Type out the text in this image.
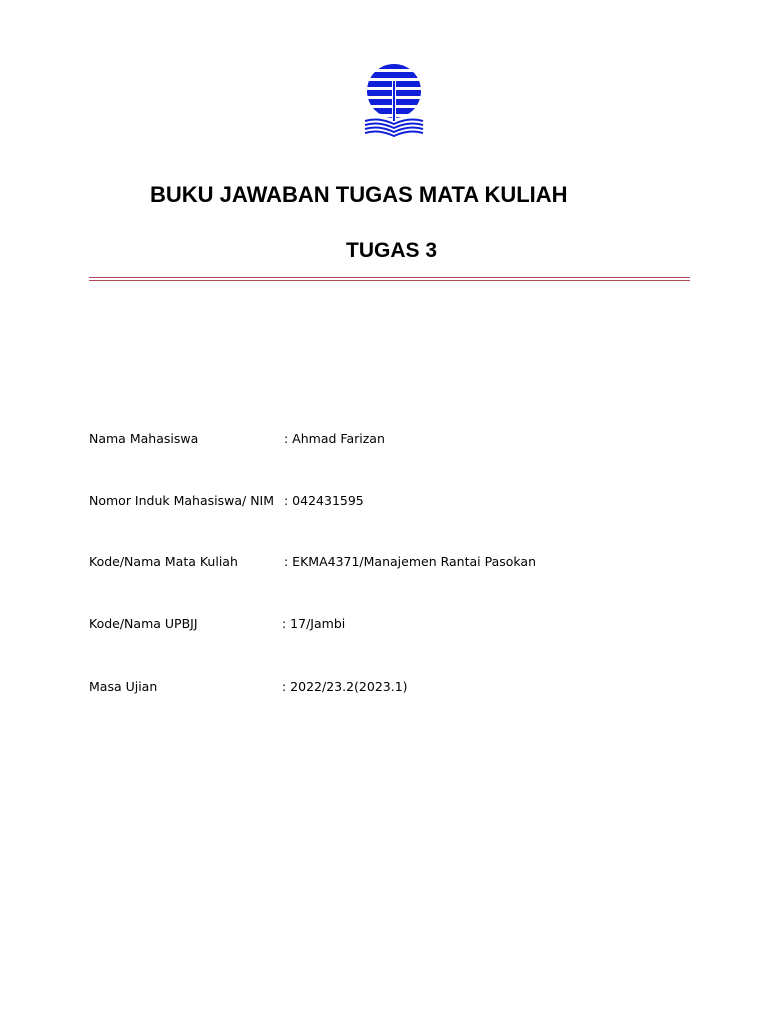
BUKU JAWABAN TUGAS MATA KULIAH
TUGAS 3
Nama Mahasiswa	: Ahmad Farizan
Nomor Induk Mahasiswa/ NIM : 042431595
Kode/Nama Mata Kuliah	: EKMA4371/Manajemen Rantai Pasokan
Kode/Nama UPBJJ	: 17/Jambi
Masa Ujian	: 2022/23.2(2023.1)
